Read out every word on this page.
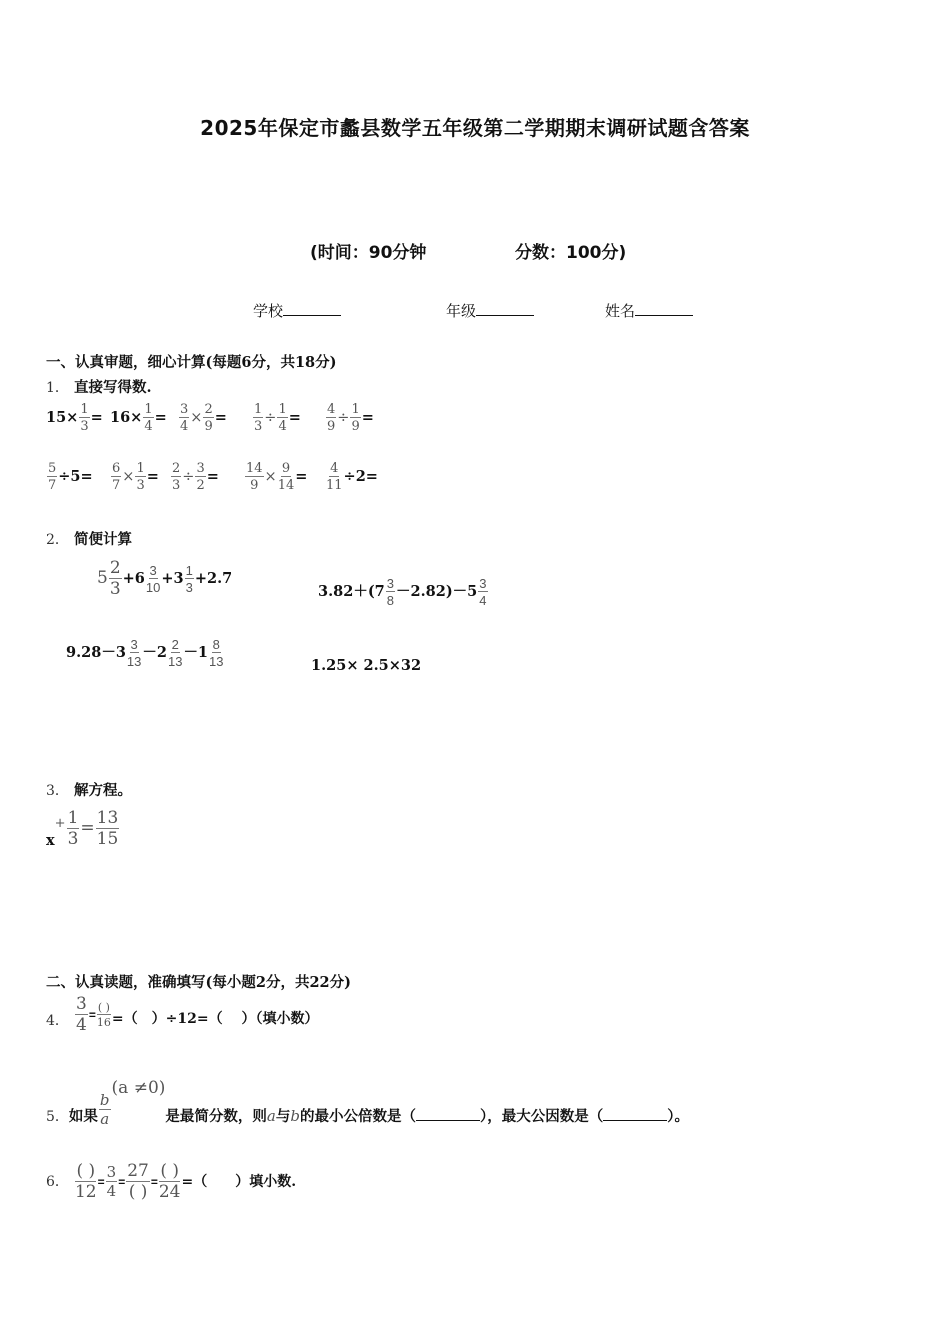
2025年保定市蠡县数学五年级第二学期期末调研试题含答案
(时间：90分钟	分数：100分)
学校	年级	姓名
一、认真审题，细心计算(每题6分，共18分)
1． 直接写得数.
$15\times \frac{1}{3} = 16\times \frac{1}{4} = \frac{3}{4} \times \frac{2}{9} = \frac{1}{3} \div \frac{1}{4} = \frac{4}{9} \div \frac{1}{9}$ =
$\frac{5}{7} \div 5= \frac{6}{7} \times \frac{1}{3} = \frac{2}{3} \div \frac{3}{2} = \frac{14}{9} \times \frac{9}{14} = \frac{4}{11} \div 2=$
2． 简便计算
$5 \frac{2}{3} +6 \frac{3}{10} +3 \frac{1}{3} +2.7$
$3.82+(7 \frac{3}{8} -2.82)-5 \frac{3}{4}$
$9.28-3 \frac{3}{13} -2 \frac{2}{13} -1 \frac{8}{13}$	1.25× 2.5×32
3． 解方程。
$x+ \frac{1}{3} = \frac{13}{15}$
二、认真读题，准确填写(每小题2分，共22分)
4． $\frac{3}{4} = \frac{( )}{16}$ =（　）÷12=（　 ）（填小数）
5．如果 $\frac{b}{a}$
(a ≠0)是最简分数，则a与b的最小公倍数是（	），最大公因数是（	）。
6． $\frac{( )}{12} = \frac{3}{4} = \frac{27}{( )} = \frac{( )}{24}$ =（　　）填小数.
